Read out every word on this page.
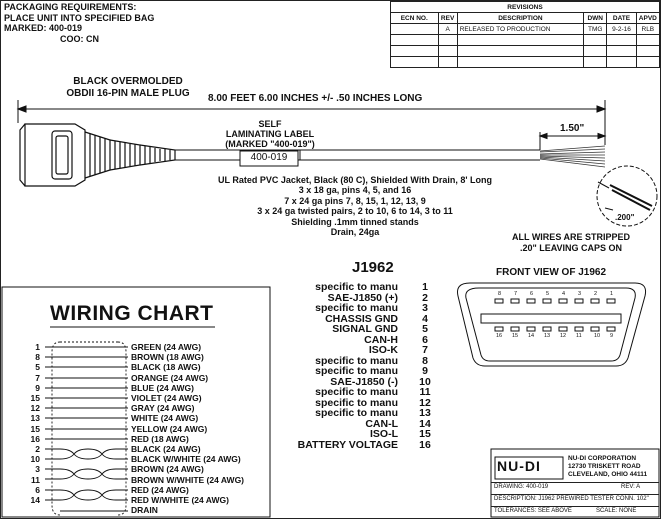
PACKAGING REQUIREMENTS:
PLACE UNIT INTO SPECIFIED BAG
MARKED: 400-019
COO: CN
REVISIONS					
ECN NO.	REV	DESCRIPTION	DWN	DATE	APVD
	A	RELEASED TO PRODUCTION	TMG	9-2-16	RLB

BLACK OVERMOLDED
OBDII 16-PIN MALE PLUG	8.00 FEET 6.00 INCHES +/- .50 INCHES LONG
SELF
LAMINATING LABEL
(MARKED "400-019")
400-019
1.50"
UL Rated PVC Jacket, Black (80 C), Shielded With Drain, 8' Long
3 x 18 ga, pins 4, 5, and 16
7 x 24 ga pins 7, 8, 15, 1, 12, 13, 9
3 x 24 ga twisted pairs, 2 to 10, 6 to 14, 3 to 11
Shielding .1mm tinned stands
Drain, 24ga
.200"
ALL WIRES ARE STRIPPED
.20" LEAVING CAPS ON
J1962
specific to manu	1
SAE-J1850 (+)	2
specific to manu	3
CHASSIS GND	4
SIGNAL GND	5
CAN-H	6
ISO-K	7
specific to manu	8
specific to manu	9
SAE-J1850 (-)	10
specific to manu	11
specific to manu	12
specific to manu	13
CAN-L	14
ISO-L	15
BATTERY VOLTAGE	16
FRONT VIEW OF J1962
8 7 6 5 4 3 2 1
16 15 14 13 12 11 10 9
WIRING CHART
1	GREEN (24 AWG)
8	BROWN (18 AWG)
5	BLACK (18 AWG)
7	ORANGE (24 AWG)
9	BLUE (24 AWG)
15	VIOLET (24 AWG)
12	GRAY (24 AWG)
13	WHITE (24 AWG)
15	YELLOW (24 AWG)
16	RED (18 AWG)
2	BLACK (24 AWG)
10	BLACK W/WHITE (24 AWG)
3	BROWN (24 AWG)
11	BROWN W/WHITE (24 AWG)
6	RED (24 AWG)
14	RED W/WHITE (24 AWG)
DRAIN
NU-DI	NU-DI CORPORATION
12730 TRISKETT ROAD
CLEVELAND, OHIO 44111
DRAWING: 400-019	REV: A
DESCRIPTION: J1962 PREWIRED TESTER CONN. 102"
TOLERANCES: SEE ABOVE	SCALE: NONE
